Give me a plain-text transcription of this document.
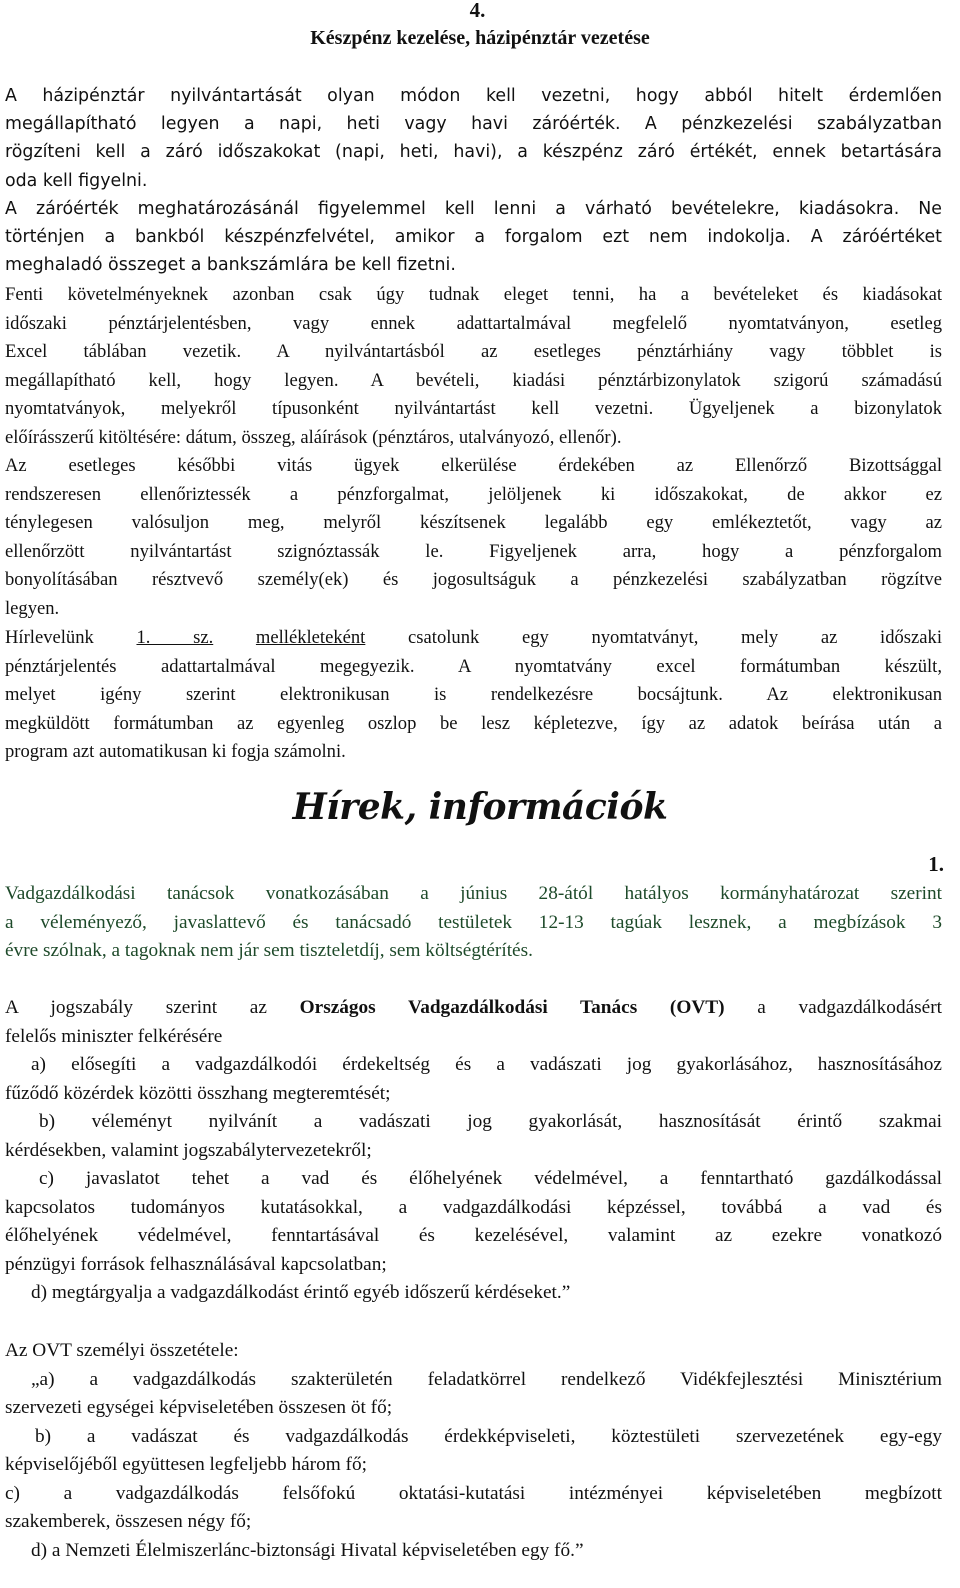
4.
Készpénz kezelése, házipénztár vezetése
A házipénztár nyilvántartását olyan módon kell vezetni, hogy abból hitelt érdemlően
megállapítható legyen a napi, heti vagy havi záróérték. A pénzkezelési szabályzatban
rögzíteni kell a záró időszakokat (napi, heti, havi), a készpénz záró értékét, ennek betartására
oda kell figyelni.
A záróérték meghatározásánál figyelemmel kell lenni a várható bevételekre, kiadásokra. Ne
történjen a bankból készpénzfelvétel, amikor a forgalom ezt nem indokolja. A záróértéket
meghaladó összeget a bankszámlára be kell fizetni.
Fenti követelményeknek azonban csak úgy tudnak eleget tenni, ha a bevételeket és kiadásokat
időszaki pénztárjelentésben, vagy ennek adattartalmával megfelelő nyomtatványon, esetleg
Excel táblában vezetik. A nyilvántartásból az esetleges pénztárhiány vagy többlet is
megállapítható kell, hogy legyen. A bevételi, kiadási pénztárbizonylatok szigorú számadású
nyomtatványok, melyekről típusonként nyilvántartást kell vezetni. Ügyeljenek a bizonylatok
előírásszerű kitöltésére: dátum, összeg, aláírások (pénztáros, utalványozó, ellenőr).
Az esetleges későbbi vitás ügyek elkerülése érdekében az Ellenőrző Bizottsággal
rendszeresen ellenőriztessék a pénzforgalmat, jelöljenek ki időszakokat, de akkor ez
ténylegesen valósuljon meg, melyről készítsenek legalább egy emlékeztetőt, vagy az
ellenőrzött nyilvántartást szignóztassák le. Figyeljenek arra, hogy a pénzforgalom
bonyolításában résztvevő személy(ek) és jogosultságuk a pénzkezelési szabályzatban rögzítve
legyen.
Hírlevelünk 1. sz. mellékleteként csatolunk egy nyomtatványt, mely az időszaki
pénztárjelentés adattartalmával megegyezik. A nyomtatvány excel formátumban készült,
melyet igény szerint elektronikusan is rendelkezésre bocsájtunk. Az elektronikusan
megküldött formátumban az egyenleg oszlop be lesz képletezve, így az adatok beírása után a
program azt automatikusan ki fogja számolni.
Hírek, információk
1.
Vadgazdálkodási tanácsok vonatkozásában a június 28-ától hatályos kormányhatározat szerint
a véleményező, javaslattevő és tanácsadó testületek 12-13 tagúak lesznek, a megbízások 3
évre szólnak, a tagoknak nem jár sem tiszteletdíj, sem költségtérítés.
A jogszabály szerint az Országos Vadgazdálkodási Tanács (OVT) a vadgazdálkodásért
felelős miniszter felkérésére
a) elősegíti a vadgazdálkodói érdekeltség és a vadászati jog gyakorlásához, hasznosításához
fűződő közérdek közötti összhang megteremtését;
b) véleményt nyilvánít a vadászati jog gyakorlását, hasznosítását érintő szakmai
kérdésekben, valamint jogszabálytervezetekről;
c) javaslatot tehet a vad és élőhelyének védelmével, a fenntartható gazdálkodással
kapcsolatos tudományos kutatásokkal, a vadgazdálkodási képzéssel, továbbá a vad és
élőhelyének védelmével, fenntartásával és kezelésével, valamint az ezekre vonatkozó
pénzügyi források felhasználásával kapcsolatban;
d) megtárgyalja a vadgazdálkodást érintő egyéb időszerű kérdéseket.”
Az OVT személyi összetétele:
„a) a vadgazdálkodás szakterületén feladatkörrel rendelkező Vidékfejlesztési Minisztérium
szervezeti egységei képviseletében összesen öt fő;
b) a vadászat és vadgazdálkodás érdekképviseleti, köztestületi szervezetének egy-egy
képviselőjéből együttesen legfeljebb három fő;
c) a vadgazdálkodás felsőfokú oktatási-kutatási intézményei képviseletében megbízott
szakemberek, összesen négy fő;
d) a Nemzeti Élelmiszerlánc-biztonsági Hivatal képviseletében egy fő.”
